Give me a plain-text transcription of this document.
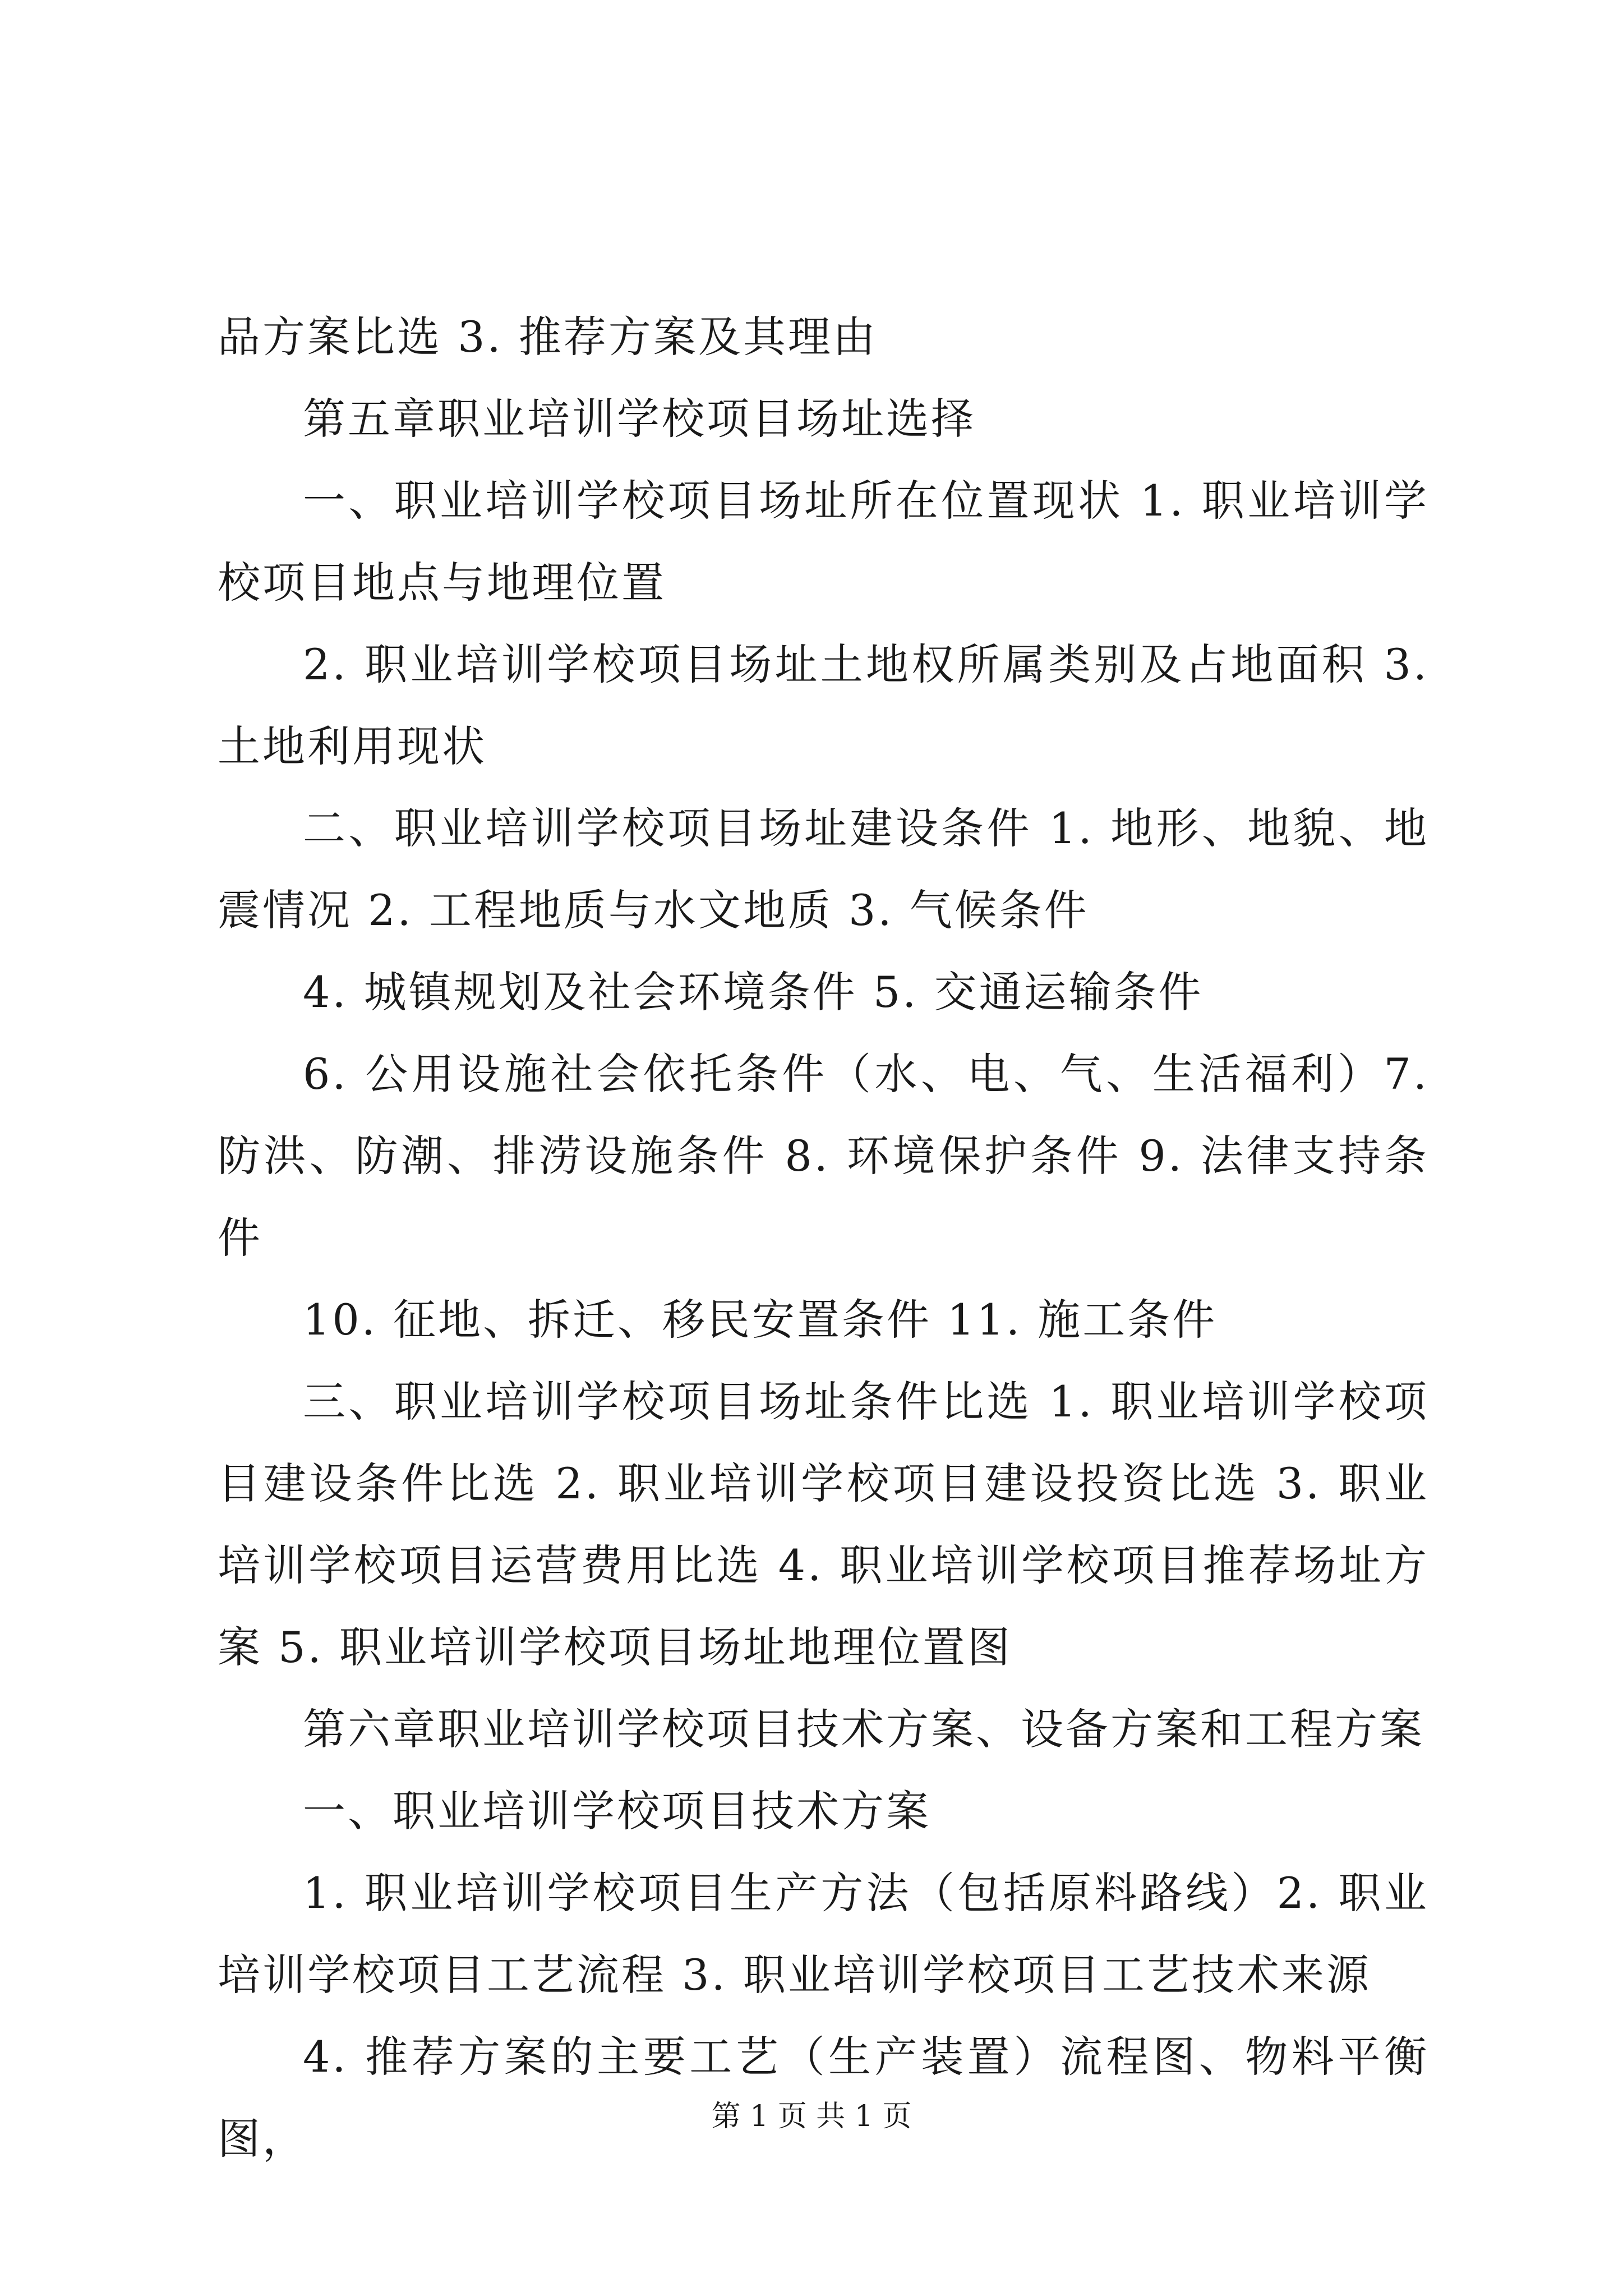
品方案比选 3. 推荐方案及其理由

第五章职业培训学校项目场址选择

一、职业培训学校项目场址所在位置现状 1. 职业培训学校项目地点与地理位置

2. 职业培训学校项目场址土地权所属类别及占地面积 3. 土地利用现状

二、职业培训学校项目场址建设条件 1. 地形、地貌、地震情况 2. 工程地质与水文地质 3. 气候条件

4. 城镇规划及社会环境条件 5. 交通运输条件

6. 公用设施社会依托条件（水、电、气、生活福利）7. 防洪、防潮、排涝设施条件 8. 环境保护条件 9. 法律支持条件

10. 征地、拆迁、移民安置条件 11. 施工条件

三、职业培训学校项目场址条件比选 1. 职业培训学校项目建设条件比选 2. 职业培训学校项目建设投资比选 3. 职业培训学校项目运营费用比选 4. 职业培训学校项目推荐场址方案 5. 职业培训学校项目场址地理位置图

第六章职业培训学校项目技术方案、设备方案和工程方案

一、职业培训学校项目技术方案

1. 职业培训学校项目生产方法（包括原料路线）2. 职业培训学校项目工艺流程 3. 职业培训学校项目工艺技术来源

4. 推荐方案的主要工艺（生产装置）流程图、物料平衡图，	第 1 页 共 1 页
